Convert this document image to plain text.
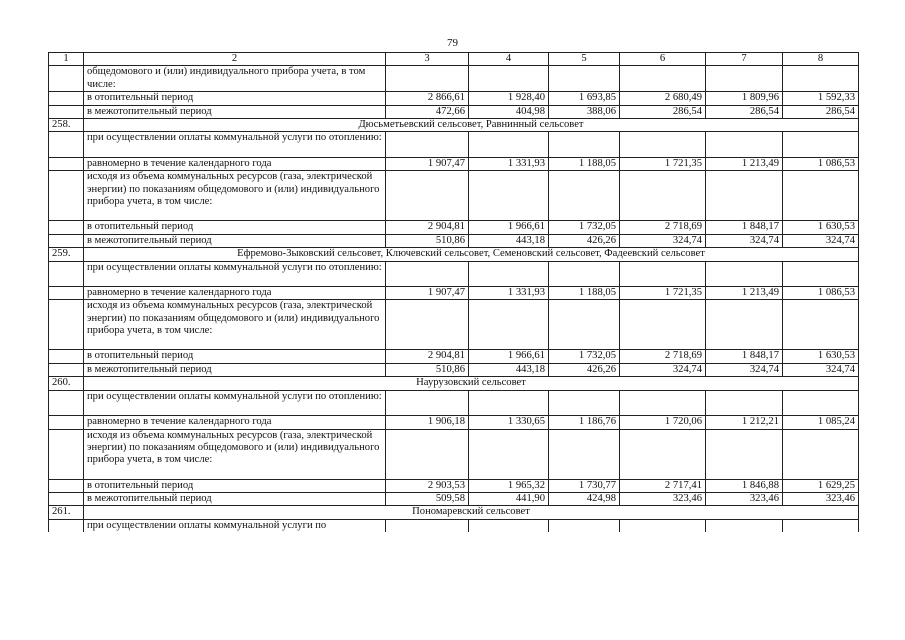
79
1	2	3	4	5	6	7	8
	общедомового и (или) индивидуального прибора учета, в том числе:						
	в отопительный период	2 866,61	1 928,40	1 693,85	2 680,49	1 809,96	1 592,33
	в межотопительный период	472,66	404,98	388,06	286,54	286,54	286,54
258.	Дюсьметьевский сельсовет, Равнинный сельсовет						
	при осуществлении оплаты коммунальной услуги по отоплению:						
	равномерно в течение календарного года	1 907,47	1 331,93	1 188,05	1 721,35	1 213,49	1 086,53
	исходя из объема коммунальных ресурсов (газа, электрической энергии) по показаниям общедомового и (или) индивидуального прибора учета, в том числе:						
	в отопительный период	2 904,81	1 966,61	1 732,05	2 718,69	1 848,17	1 630,53
	в межотопительный период	510,86	443,18	426,26	324,74	324,74	324,74
259.	Ефремово-Зыковский сельсовет, Ключевский сельсовет, Семеновский сельсовет, Фадеевский сельсовет						
	при осуществлении оплаты коммунальной услуги по отоплению:						
	равномерно в течение календарного года	1 907,47	1 331,93	1 188,05	1 721,35	1 213,49	1 086,53
	исходя из объема коммунальных ресурсов (газа, электрической энергии) по показаниям общедомового и (или) индивидуального прибора учета, в том числе:						
	в отопительный период	2 904,81	1 966,61	1 732,05	2 718,69	1 848,17	1 630,53
	в межотопительный период	510,86	443,18	426,26	324,74	324,74	324,74
260.	Наурузовский сельсовет						
	при осуществлении оплаты коммунальной услуги по отоплению:						
	равномерно в течение календарного года	1 906,18	1 330,65	1 186,76	1 720,06	1 212,21	1 085,24
	исходя из объема коммунальных ресурсов (газа, электрической энергии) по показаниям общедомового и (или) индивидуального прибора учета, в том числе:						
	в отопительный период	2 903,53	1 965,32	1 730,77	2 717,41	1 846,88	1 629,25
	в межотопительный период	509,58	441,90	424,98	323,46	323,46	323,46
261.	Пономаревский сельсовет						
	при осуществлении оплаты коммунальной услуги по						
